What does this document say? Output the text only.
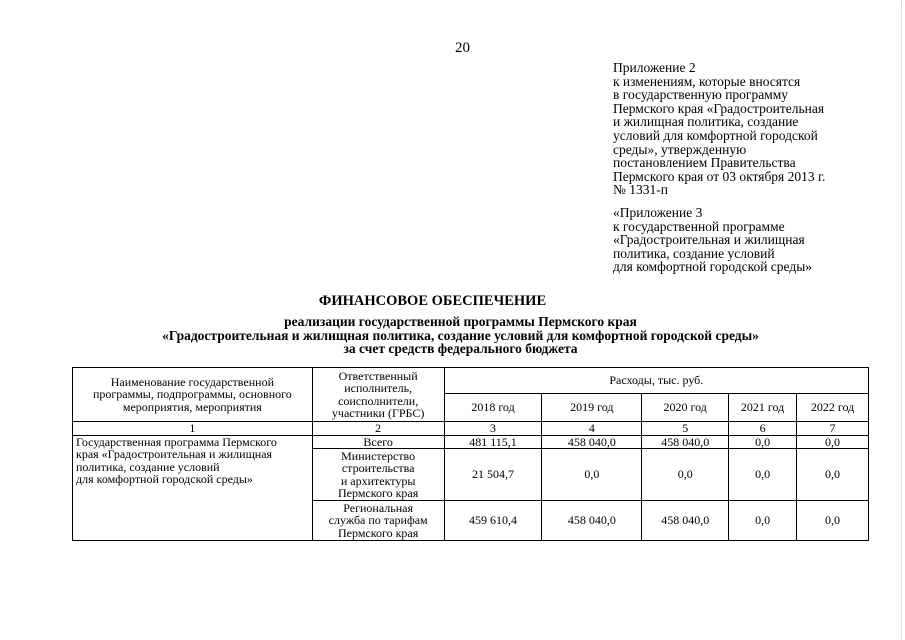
20
Приложение 2
к изменениям, которые вносятся
в государственную программу
Пермского края «Градостроительная
и жилищная политика, создание
условий для комфортной городской
среды», утвержденную
постановлением Правительства
Пермского края от 03 октября 2013 г.
№ 1331-п
«Приложение 3
к государственной программе
«Градостроительная и жилищная
политика, создание условий
для комфортной городской среды»
ФИНАНСОВОЕ ОБЕСПЕЧЕНИЕ
реализации государственной программы Пермского края
«Градостроительная и жилищная политика, создание условий для комфортной городской среды»
за счет средств федерального бюджета
Наименование государственной
программы, подпрограммы, основного
мероприятия, мероприятия	Ответственный
исполнитель,
соисполнители,
участники (ГРБС)	Расходы, тыс. руб.				
		2018 год	2019 год	2020 год	2021 год	2022 год
1	2	3	4	5	6	7

Государственная программа Пермского
края «Градостроительная и жилищная
политика, создание условий
для комфортной городской среды»	Всего	481 115,1	458 040,0	458 040,0	0,0	0,0

	Министерство
строительства
и архитектуры
Пермского края	21 504,7	0,0	0,0	0,0	0,0

	Региональная
служба по тарифам
Пермского края	459 610,4	458 040,0	458 040,0	0,0	0,0
